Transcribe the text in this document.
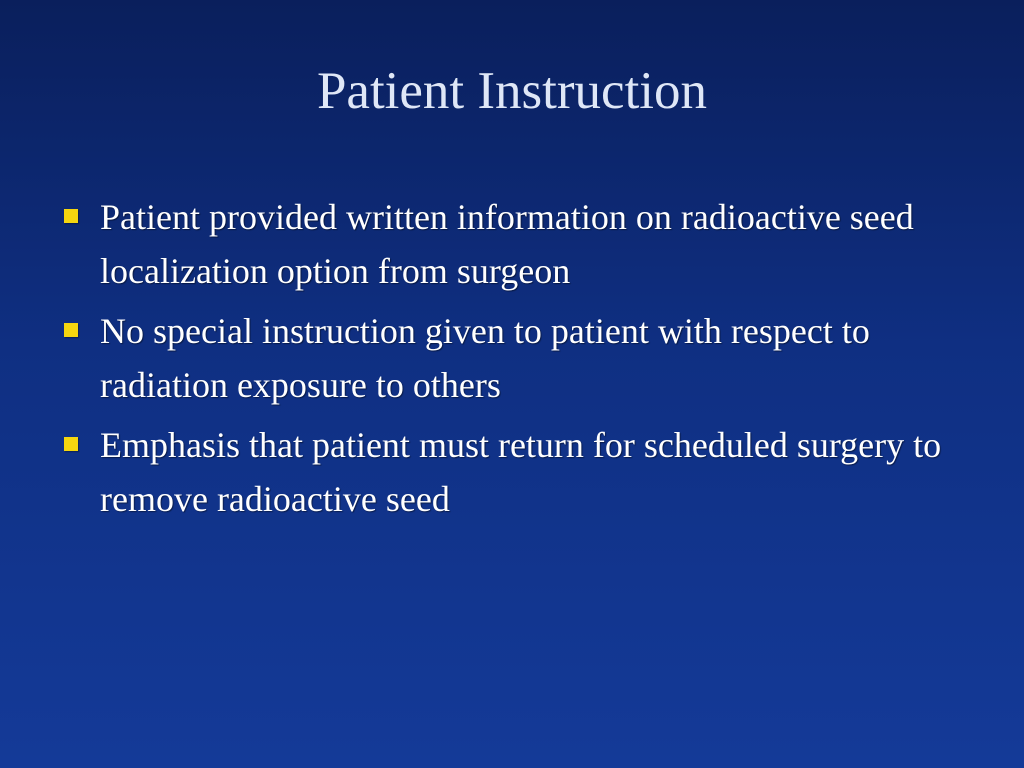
Patient Instruction
Patient provided written information on radioactive seed localization option from surgeon
No special instruction given to patient with respect to radiation exposure to others
Emphasis that patient must return for scheduled surgery to remove radioactive seed
